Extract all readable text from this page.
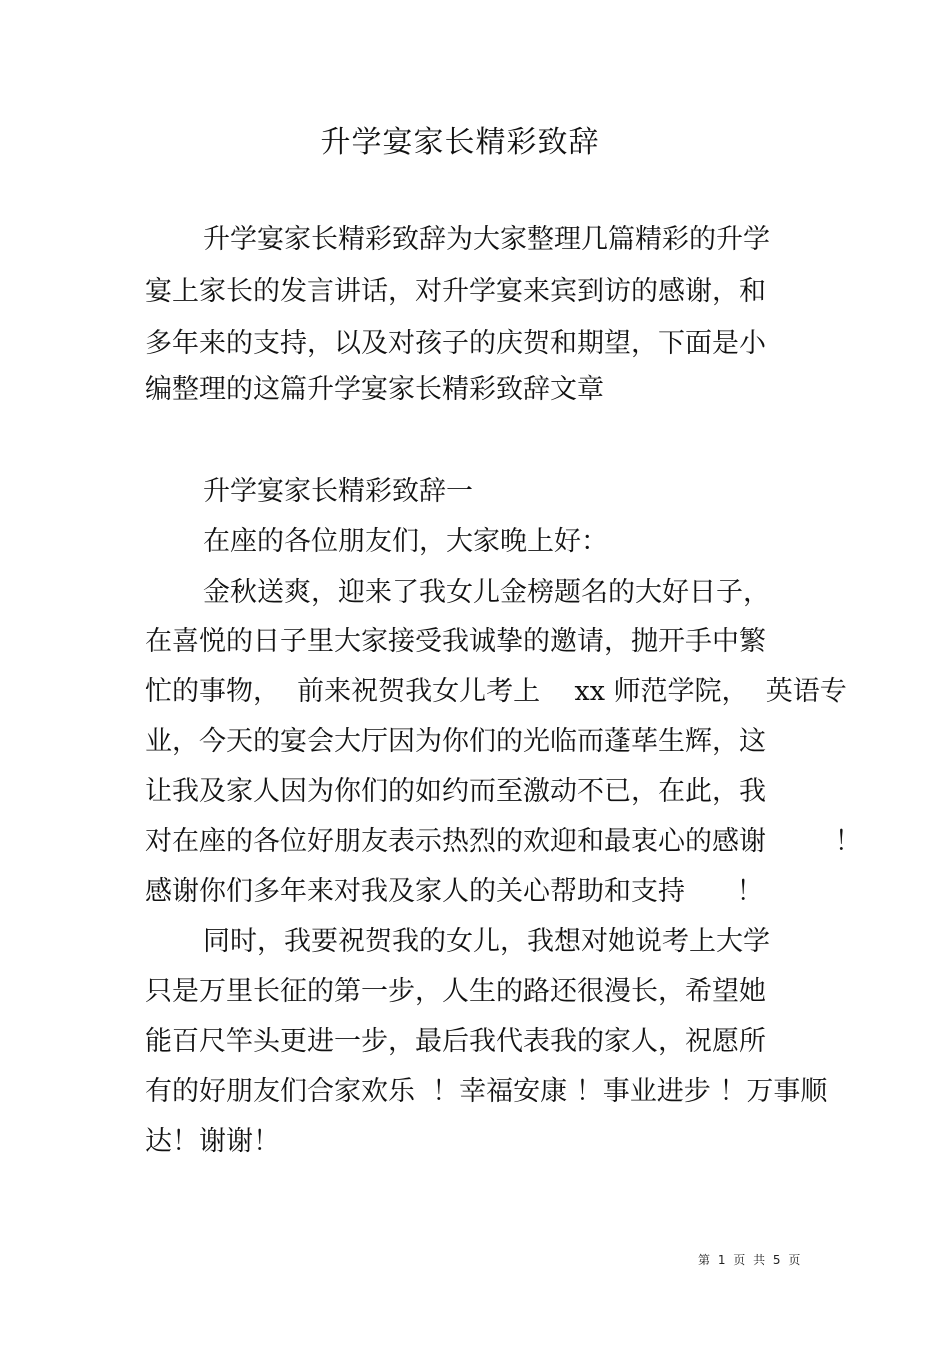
升学宴家长精彩致辞
升学宴家长精彩致辞为大家整理几篇精彩的升学
宴上家长的发言讲话，对升学宴来宾到访的感谢，和
多年来的支持，以及对孩子的庆贺和期望，下面是小
编整理的这篇升学宴家长精彩致辞文章
升学宴家长精彩致辞一
在座的各位朋友们，大家晚上好：
金秋送爽，迎来了我女儿金榜题名的大好日子，
在喜悦的日子里大家接受我诚挚的邀请，抛开手中繁
忙的事物，  前来祝贺我女儿考上    xx 师范学院，  英语专
业，今天的宴会大厅因为你们的光临而蓬荜生辉，这
让我及家人因为你们的如约而至激动不已，在此，我
对在座的各位好朋友表示热烈的欢迎和最衷心的感谢        ！
感谢你们多年来对我及家人的关心帮助和支持      ！
同时，我要祝贺我的女儿，我想对她说考上大学
只是万里长征的第一步，人生的路还很漫长，希望她
能百尺竿头更进一步，最后我代表我的家人，祝愿所
有的好朋友们合家欢乐  ！幸福安康 ！事业进步 ！万事顺
达！谢谢！
第 1 页 共 5 页
